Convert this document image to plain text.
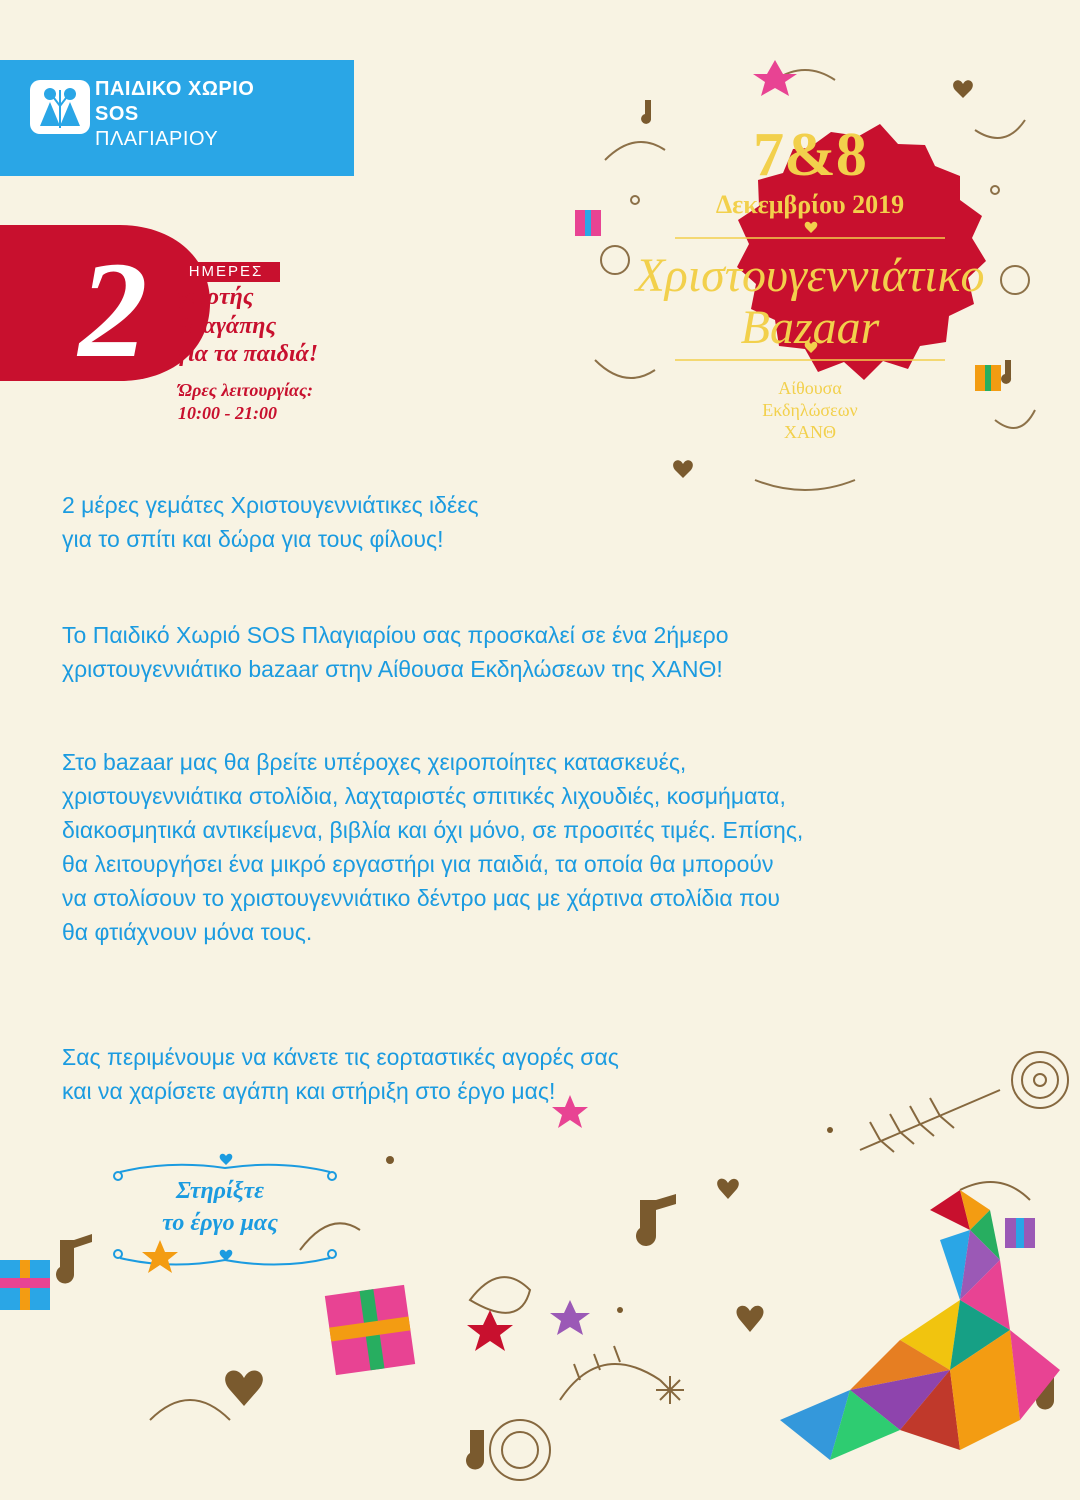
ΠΑΙΔΙΚΟ ΧΩΡΙΟ
SOS
ΠΛΑΓΙΑΡΙΟΥ
2	ΗΜΕΡΕΣ
γιορτής
& αγάπης
για τα παιδιά!
Ώρες λειτουργίας:
10:00 - 21:00
7&8
Δεκεμβρίου 2019
Χριστουγεννιάτικο
Bazaar
Αίθουσα
Εκδηλώσεων
ΧΑΝΘ
2 μέρες γεμάτες Χριστουγεννιάτικες ιδέες
για το σπίτι και δώρα για τους φίλους!
Το Παιδικό Χωριό SOS Πλαγιαρίου σας προσκαλεί σε ένα 2ήμερο
χριστουγεννιάτικο bazaar στην Αίθουσα Εκδηλώσεων της ΧΑΝΘ!
Στο bazaar μας θα βρείτε υπέροχες χειροποίητες κατασκευές,
χριστουγεννιάτικα στολίδια, λαχταριστές σπιτικές λιχουδιές, κοσμήματα,
διακοσμητικά αντικείμενα, βιβλία και όχι μόνο, σε προσιτές τιμές. Επίσης,
θα λειτουργήσει ένα μικρό εργαστήρι για παιδιά, τα οποία θα μπορούν
να στολίσουν το χριστουγεννιάτικο δέντρο μας με χάρτινα στολίδια που
θα φτιάχνουν μόνα τους.
Σας περιμένουμε να κάνετε τις εορταστικές αγορές σας
και να χαρίσετε αγάπη και στήριξη στο έργο μας!
Στηρίξτε
το έργο μας
